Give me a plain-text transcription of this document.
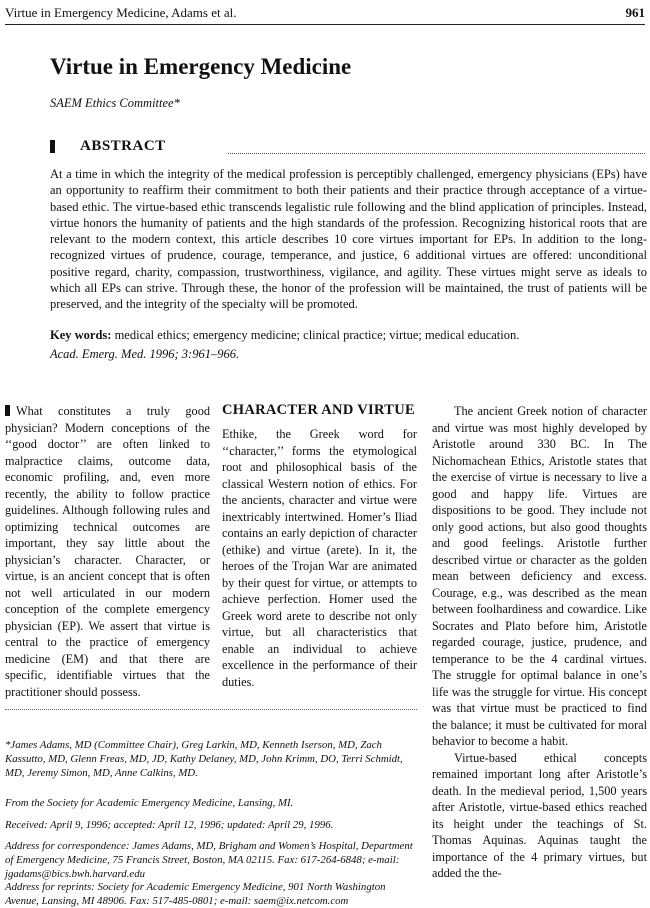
Virtue in Emergency Medicine, Adams et al.	961
Virtue in Emergency Medicine
SAEM Ethics Committee*
ABSTRACT

At a time in which the integrity of the medical profession is perceptibly challenged, emergency physicians (EPs) have an opportunity to reaffirm their commitment to both their patients and their practice through acceptance of a virtue-based ethic. The virtue-based ethic transcends legalistic rule following and the blind application of principles. Instead, virtue honors the humanity of patients and the high standards of the profession. Recognizing historical roots that are relevant to the modern context, this article describes 10 core virtues important for EPs. In addition to the long-recognized virtues of prudence, courage, temperance, and justice, 6 additional virtues are offered: unconditional positive regard, charity, compassion, trustworthiness, vigilance, and agility. These virtues might serve as ideals to which all EPs can strive. Through these, the honor of the profession will be maintained, the trust of patients will be preserved, and the integrity of the specialty will be promoted.

Key words: medical ethics; emergency medicine; clinical practice; virtue; medical education.

Acad. Emerg. Med. 1996; 3:961–966.

What constitutes a truly good physician? Modern conceptions of the ‘‘good doctor’’ are often linked to malpractice claims, outcome data, economic profiling, and, even more recently, the ability to follow practice guidelines. Although following rules and optimizing technical outcomes are important, they say little about the physician’s character. Character, or virtue, is an ancient concept that is often not well articulated in our modern conception of the complete emergency physician (EP). We assert that virtue is central to the practice of emergency medicine (EM) and that there are specific, identifiable virtues that the practitioner should possess.

CHARACTER AND VIRTUE

Ethike, the Greek word for ‘‘character,’’ forms the etymological root and philosophical basis of the classical Western notion of ethics. For the ancients, character and virtue were inextricably intertwined. Homer’s Iliad contains an early depiction of character (ethike) and virtue (arete). In it, the heroes of the Trojan War are animated by their quest for virtue, or attempts to achieve perfection. Homer used the Greek word arete to describe not only virtue, but all characteristics that enable an individual to achieve excellence in the performance of their duties.

The ancient Greek notion of character and virtue was most highly developed by Aristotle around 330 BC. In The Nichomachean Ethics, Aristotle states that the exercise of virtue is necessary to live a good and happy life. Virtues are dispositions to be good. They include not only good actions, but also good thoughts and good feelings. Aristotle further described virtue or character as the golden mean between deficiency and excess. Courage, e.g., was described as the mean between foolhardiness and cowardice. Like Socrates and Plato before him, Aristotle regarded courage, justice, prudence, and temperance to be the 4 cardinal virtues. The struggle for optimal balance in one’s life was the struggle for virtue. His concept was that virtue must be practiced to find the balance; it must be cultivated for moral behavior to become a habit.

Virtue-based ethical concepts remained important long after Aristotle’s death. In the medieval period, 1,500 years after Aristotle, virtue-based ethics reached its height under the teachings of St. Thomas Aquinas. Aquinas taught the importance of the 4 primary virtues, but added the the-

*James Adams, MD (Committee Chair), Greg Larkin, MD, Kenneth Iserson, MD, Zach Kassutto, MD, Glenn Freas, MD, JD, Kathy Delaney, MD, John Krimm, DO, Terri Schmidt, MD, Jeremy Simon, MD, Anne Calkins, MD.

From the Society for Academic Emergency Medicine, Lansing, MI.

Received: April 9, 1996; accepted: April 12, 1996; updated: April 29, 1996.

Address for correspondence: James Adams, MD, Brigham and Women’s Hospital, Department of Emergency Medicine, 75 Francis Street, Boston, MA 02115. Fax: 617-264-6848; e-mail: jgadams@bics.bwh.harvard.edu

Address for reprints: Society for Academic Emergency Medicine, 901 North Washington Avenue, Lansing, MI 48906. Fax: 517-485-0801; e-mail: saem@ix.netcom.com
